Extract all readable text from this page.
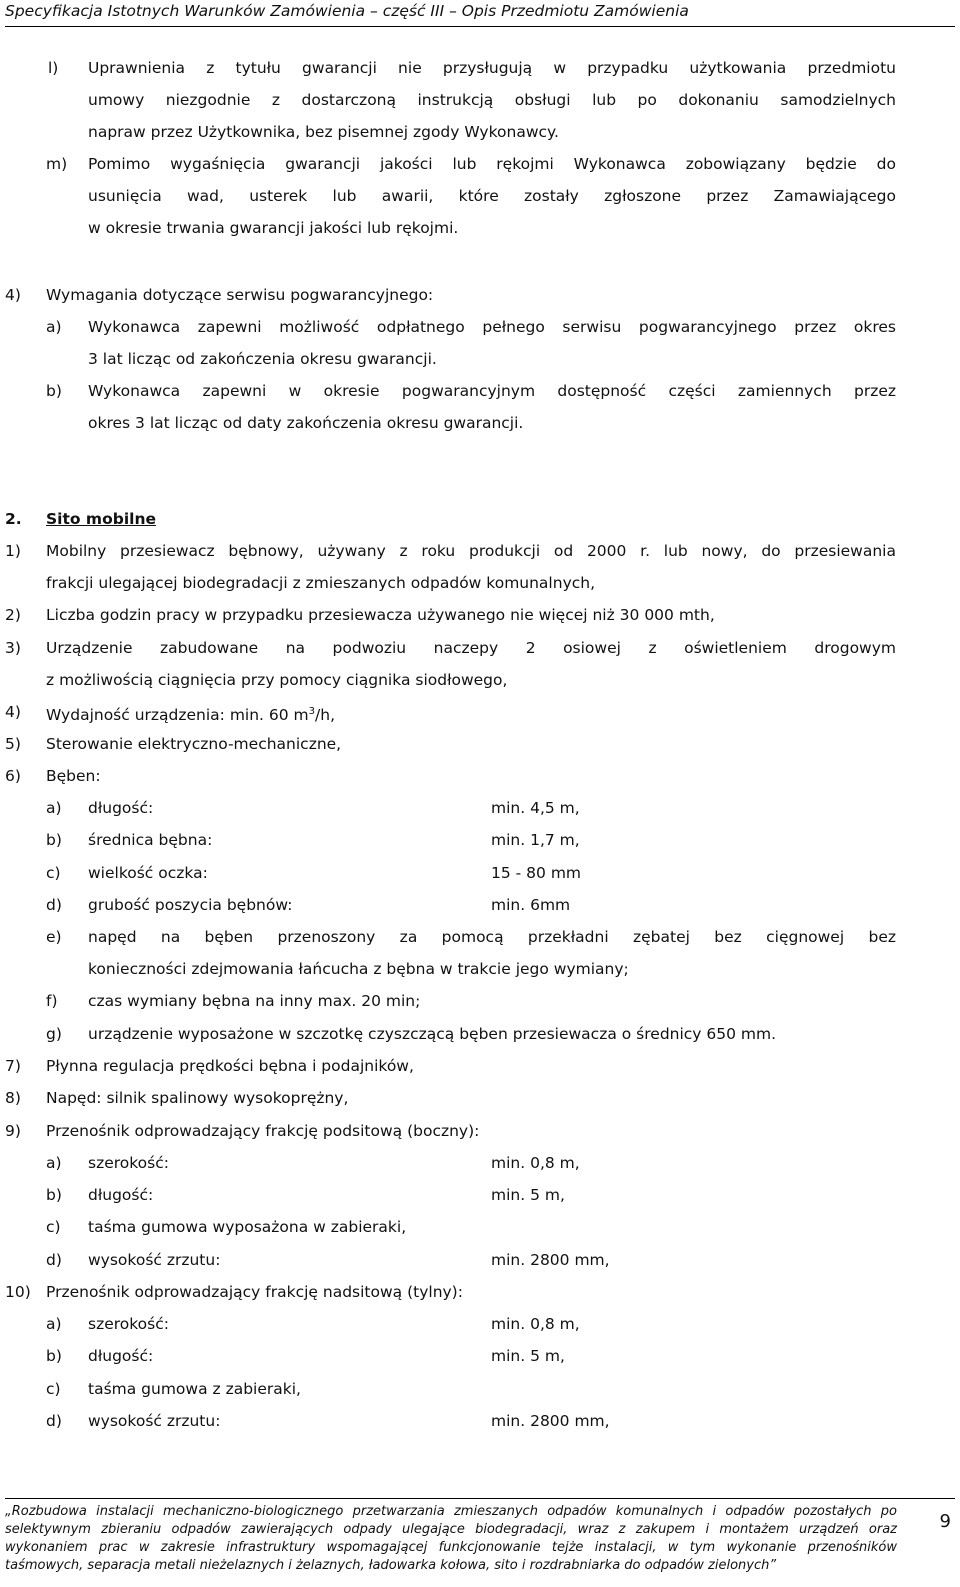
Specyfikacja Istotnych Warunków Zamówienia – część III – Opis Przedmiotu Zamówienia
l) Uprawnienia z tytułu gwarancji nie przysługują w przypadku użytkowania przedmiotu
umowy niezgodnie z dostarczoną instrukcją obsługi lub po dokonaniu samodzielnych
napraw przez Użytkownika, bez pisemnej zgody Wykonawcy.
m) Pomimo wygaśnięcia gwarancji jakości lub rękojmi Wykonawca zobowiązany będzie do
usunięcia wad, usterek lub awarii, które zostały zgłoszone przez Zamawiającego
w okresie trwania gwarancji jakości lub rękojmi.
4) Wymagania dotyczące serwisu pogwarancyjnego:
a) Wykonawca zapewni możliwość odpłatnego pełnego serwisu pogwarancyjnego przez okres
3 lat licząc od zakończenia okresu gwarancji.
b) Wykonawca zapewni w okresie pogwarancyjnym dostępność części zamiennych przez
okres 3 lat licząc od daty zakończenia okresu gwarancji.
2. Sito mobilne
1) Mobilny przesiewacz bębnowy, używany z roku produkcji od 2000 r. lub nowy, do przesiewania
frakcji ulegającej biodegradacji z zmieszanych odpadów komunalnych,
2) Liczba godzin pracy w przypadku przesiewacza używanego nie więcej niż 30 000 mth,
3) Urządzenie zabudowane na podwoziu naczepy 2 osiowej z oświetleniem drogowym
z możliwością ciągnięcia przy pomocy ciągnika siodłowego,
4) Wydajność urządzenia: min. 60 $m^3/h$,
5) Sterowanie elektryczno-mechaniczne,
6) Bęben:
a) długość:	min. 4,5 m,
b) średnica bębna:	min. 1,7 m,
c) wielkość oczka:	15 - 80 mm
d) grubość poszycia bębnów:	min. 6mm
e) napęd na bęben przenoszony za pomocą przekładni zębatej bez cięgnowej bez
konieczności zdejmowania łańcucha z bębna w trakcie jego wymiany;
f) czas wymiany bębna na inny max. 20 min;
g) urządzenie wyposażone w szczotkę czyszczącą bęben przesiewacza o średnicy 650 mm.
7) Płynna regulacja prędkości bębna i podajników,
8) Napęd: silnik spalinowy wysokoprężny,
9) Przenośnik odprowadzający frakcję podsitową (boczny):
a) szerokość:	min. 0,8 m,
b) długość:	min. 5 m,
c) taśma gumowa wyposażona w zabieraki,
d) wysokość zrzutu:	min. 2800 mm,
10) Przenośnik odprowadzający frakcję nadsitową (tylny):
a) szerokość:	min. 0,8 m,
b) długość:	min. 5 m,
c) taśma gumowa z zabieraki,
d) wysokość zrzutu:	min. 2800 mm,
„Rozbudowa instalacji mechaniczno-biologicznego przetwarzania zmieszanych odpadów komunalnych i odpadów pozostałych po
selektywnym zbieraniu odpadów zawierających odpady ulegające biodegradacji, wraz z zakupem i montażem urządzeń oraz
wykonaniem prac w zakresie infrastruktury wspomagającej funkcjonowanie tejże instalacji, w tym wykonanie przenośników
taśmowych, separacja metali nieżelaznych i żelaznych, ładowarka kołowa, sito i rozdrabniarka do odpadów zielonych”
9
